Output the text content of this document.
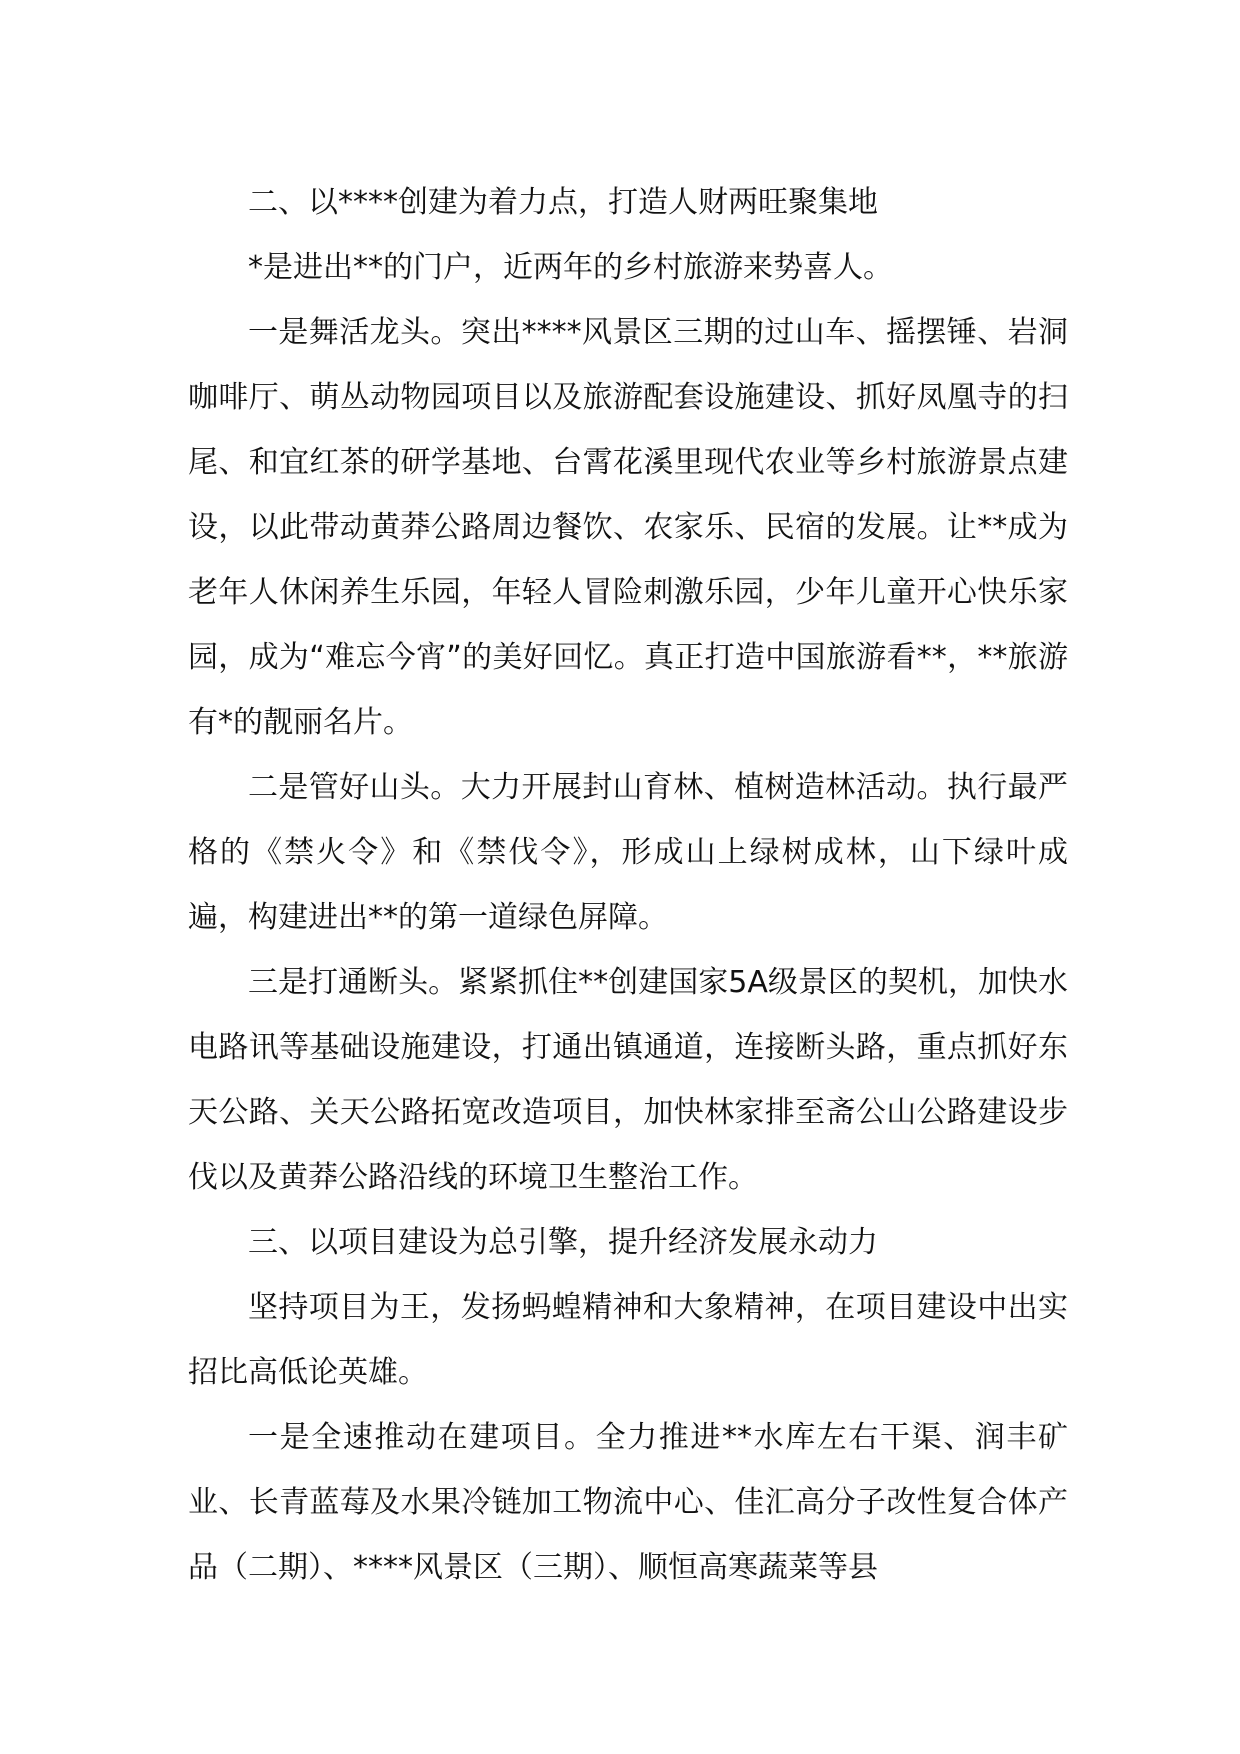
二、以****创建为着力点，打造人财两旺聚集地

*是进出**的门户，近两年的乡村旅游来势喜人。

一是舞活龙头。突出****风景区三期的过山车、摇摆锤、岩洞咖啡厅、萌丛动物园项目以及旅游配套设施建设、抓好凤凰寺的扫尾、和宜红茶的研学基地、台霄花溪里现代农业等乡村旅游景点建设，以此带动黄莽公路周边餐饮、农家乐、民宿的发展。让**成为老年人休闲养生乐园，年轻人冒险刺激乐园，少年儿童开心快乐家园，成为“难忘今宵”的美好回忆。真正打造中国旅游看**，**旅游有*的靓丽名片。

二是管好山头。大力开展封山育林、植树造林活动。执行最严格的《禁火令》和《禁伐令》，形成山上绿树成林，山下绿叶成遍，构建进出**的第一道绿色屏障。

三是打通断头。紧紧抓住**创建国家5A级景区的契机，加快水电路讯等基础设施建设，打通出镇通道，连接断头路，重点抓好东天公路、关天公路拓宽改造项目，加快林家排至斋公山公路建设步伐以及黄莽公路沿线的环境卫生整治工作。

三、以项目建设为总引擎，提升经济发展永动力

坚持项目为王，发扬蚂蝗精神和大象精神，在项目建设中出实招比高低论英雄。

一是全速推动在建项目。全力推进**水库左右干渠、润丰矿业、长青蓝莓及水果冷链加工物流中心、佳汇高分子改性复合体产品（二期）、****风景区（三期）、顺恒高寒蔬菜等县
